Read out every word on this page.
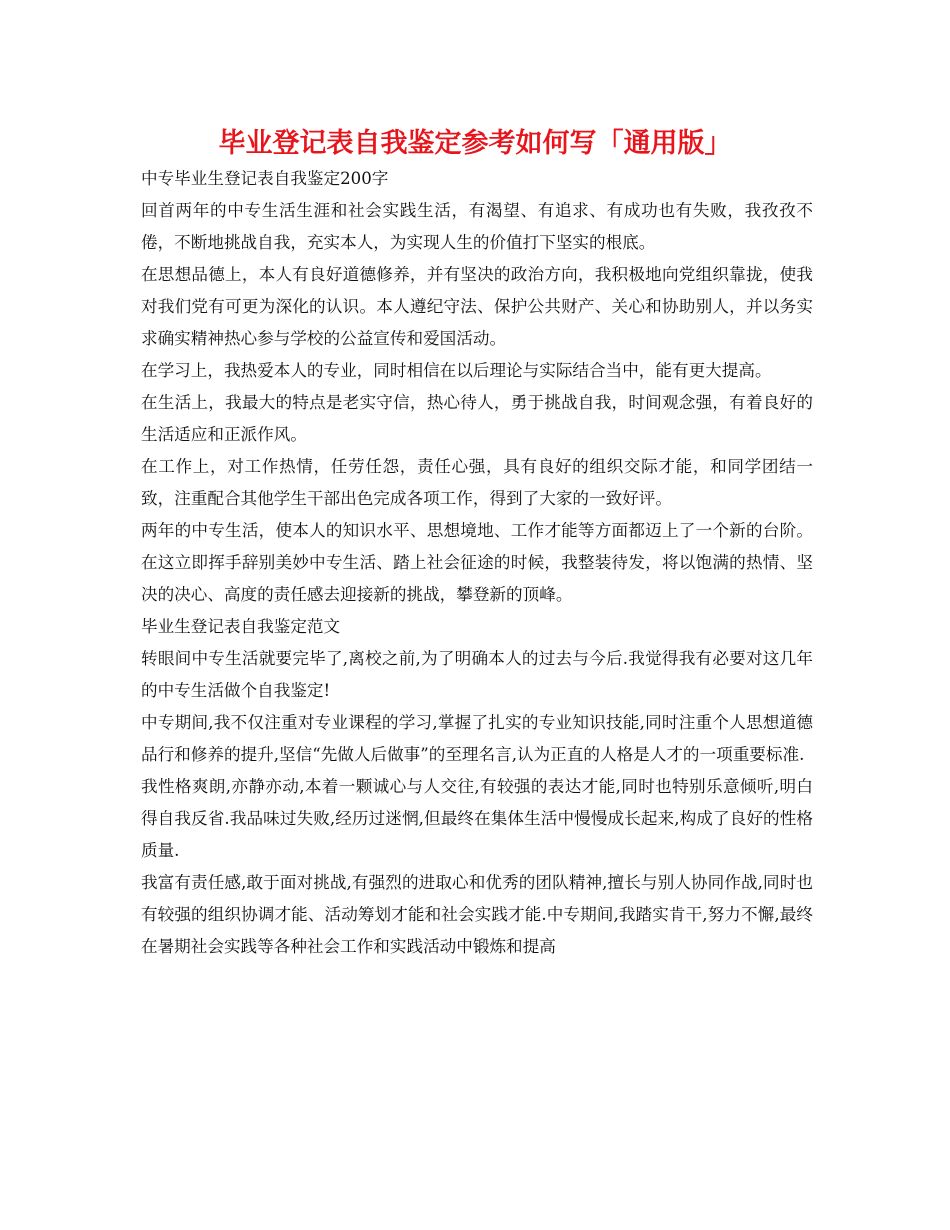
毕业登记表自我鉴定参考如何写「通用版」

中专毕业生登记表自我鉴定200字

回首两年的中专生活生涯和社会实践生活，有渴望、有追求、有成功也有失败，我孜孜不倦，不断地挑战自我，充实本人，为实现人生的价值打下坚实的根底。

在思想品德上，本人有良好道德修养，并有坚决的政治方向，我积极地向党组织靠拢，使我对我们党有可更为深化的认识。本人遵纪守法、保护公共财产、关心和协助别人，并以务实求确实精神热心参与学校的公益宣传和爱国活动。

在学习上，我热爱本人的专业，同时相信在以后理论与实际结合当中，能有更大提高。

在生活上，我最大的特点是老实守信，热心待人，勇于挑战自我，时间观念强，有着良好的生活适应和正派作风。

在工作上，对工作热情，任劳任怨，责任心强，具有良好的组织交际才能，和同学团结一致，注重配合其他学生干部出色完成各项工作，得到了大家的一致好评。

两年的中专生活，使本人的知识水平、思想境地、工作才能等方面都迈上了一个新的台阶。在这立即挥手辞别美妙中专生活、踏上社会征途的时候，我整装待发，将以饱满的热情、坚决的决心、高度的责任感去迎接新的挑战，攀登新的顶峰。

毕业生登记表自我鉴定范文

转眼间中专生活就要完毕了,离校之前,为了明确本人的过去与今后.我觉得我有必要对这几年的中专生活做个自我鉴定!

中专期间,我不仅注重对专业课程的学习,掌握了扎实的专业知识技能,同时注重个人思想道德品行和修养的提升,坚信“先做人后做事”的至理名言,认为正直的人格是人才的一项重要标准.

我性格爽朗,亦静亦动,本着一颗诚心与人交往,有较强的表达才能,同时也特别乐意倾听,明白得自我反省.我品味过失败,经历过迷惘,但最终在集体生活中慢慢成长起来,构成了良好的性格质量.

我富有责任感,敢于面对挑战,有强烈的进取心和优秀的团队精神,擅长与别人协同作战,同时也有较强的组织协调才能、活动筹划才能和社会实践才能.中专期间,我踏实肯干,努力不懈,最终在暑期社会实践等各种社会工作和实践活动中锻炼和提高
